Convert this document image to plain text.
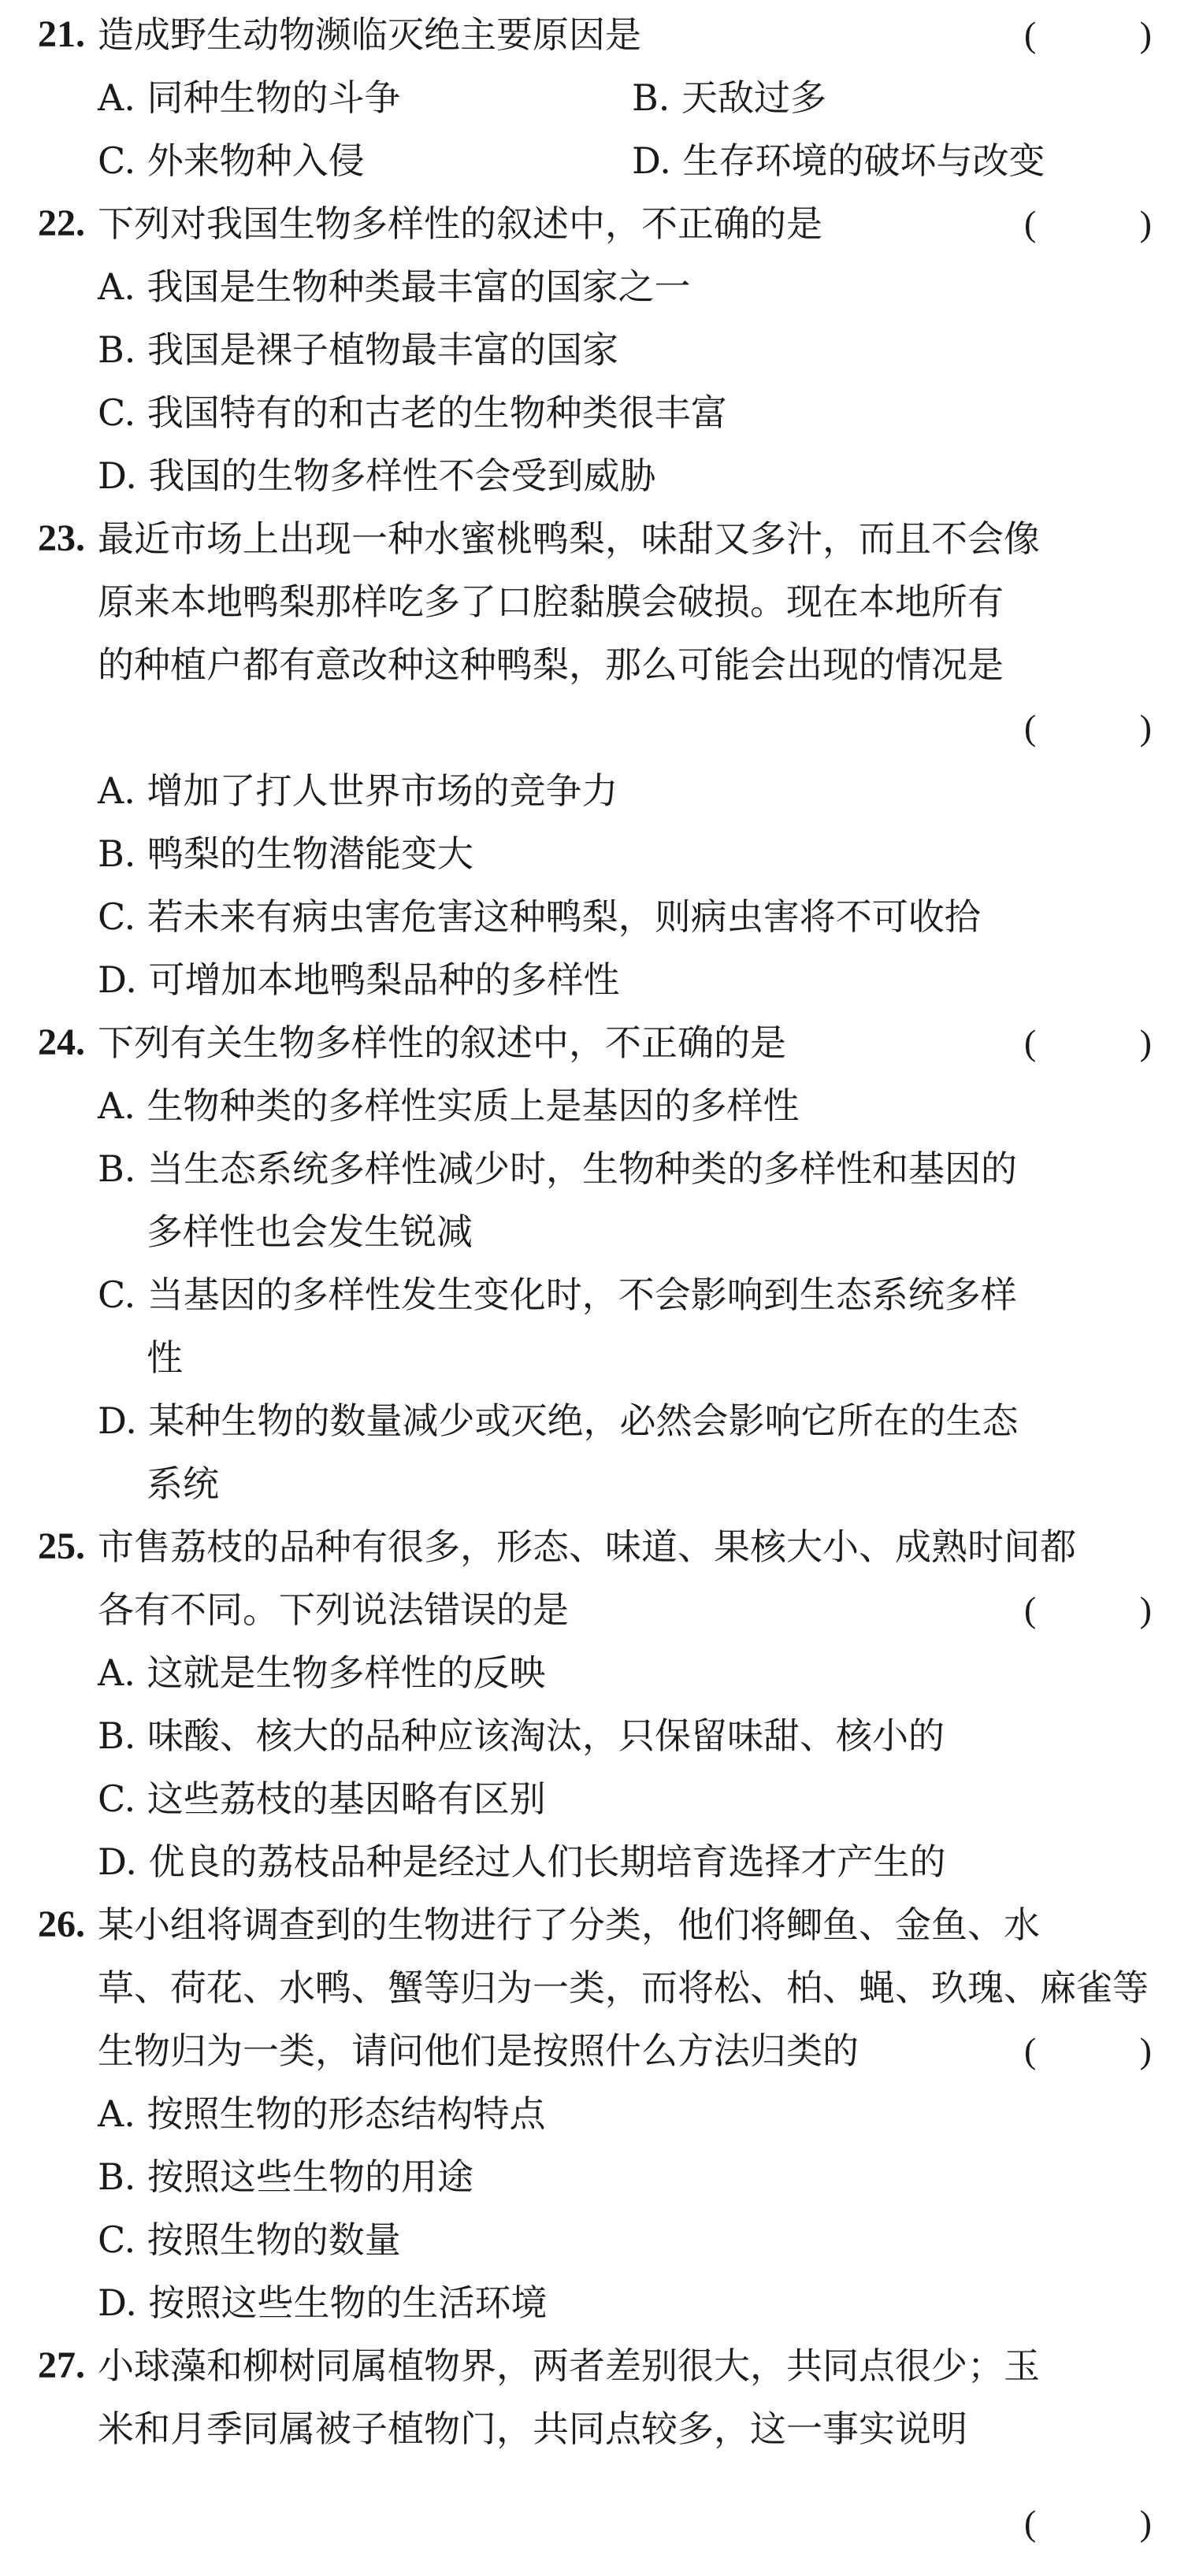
21. 造成野生动物濒临灭绝主要原因是	(	)
A. 同种生物的斗争	B. 天敌过多
C. 外来物种入侵	D. 生存环境的破坏与改变
22. 下列对我国生物多样性的叙述中，不正确的是	(	)
A. 我国是生物种类最丰富的国家之一
B. 我国是裸子植物最丰富的国家
C. 我国特有的和古老的生物种类很丰富
D. 我国的生物多样性不会受到威胁
23. 最近市场上出现一种水蜜桃鸭梨，味甜又多汁，而且不会像
原来本地鸭梨那样吃多了口腔黏膜会破损。现在本地所有
的种植户都有意改种这种鸭梨，那么可能会出现的情况是
(	)
A. 增加了打人世界市场的竞争力
B. 鸭梨的生物潜能变大
C. 若未来有病虫害危害这种鸭梨，则病虫害将不可收拾
D. 可增加本地鸭梨品种的多样性
24. 下列有关生物多样性的叙述中，不正确的是	(	)
A. 生物种类的多样性实质上是基因的多样性
B. 当生态系统多样性减少时，生物种类的多样性和基因的
多样性也会发生锐减
C. 当基因的多样性发生变化时，不会影响到生态系统多样
性
D. 某种生物的数量减少或灭绝，必然会影响它所在的生态
系统
25. 市售荔枝的品种有很多，形态、味道、果核大小、成熟时间都
各有不同。下列说法错误的是	(	)
A. 这就是生物多样性的反映
B. 味酸、核大的品种应该淘汰，只保留味甜、核小的
C. 这些荔枝的基因略有区别
D. 优良的荔枝品种是经过人们长期培育选择才产生的
26. 某小组将调查到的生物进行了分类，他们将鲫鱼、金鱼、水
草、荷花、水鸭、蟹等归为一类，而将松、柏、蝇、玖瑰、麻雀等
生物归为一类，请问他们是按照什么方法归类的	(	)
A. 按照生物的形态结构特点
B. 按照这些生物的用途
C. 按照生物的数量
D. 按照这些生物的生活环境
27. 小球藻和柳树同属植物界，两者差别很大，共同点很少；玉
米和月季同属被子植物门，共同点较多，这一事实说明
(	)
